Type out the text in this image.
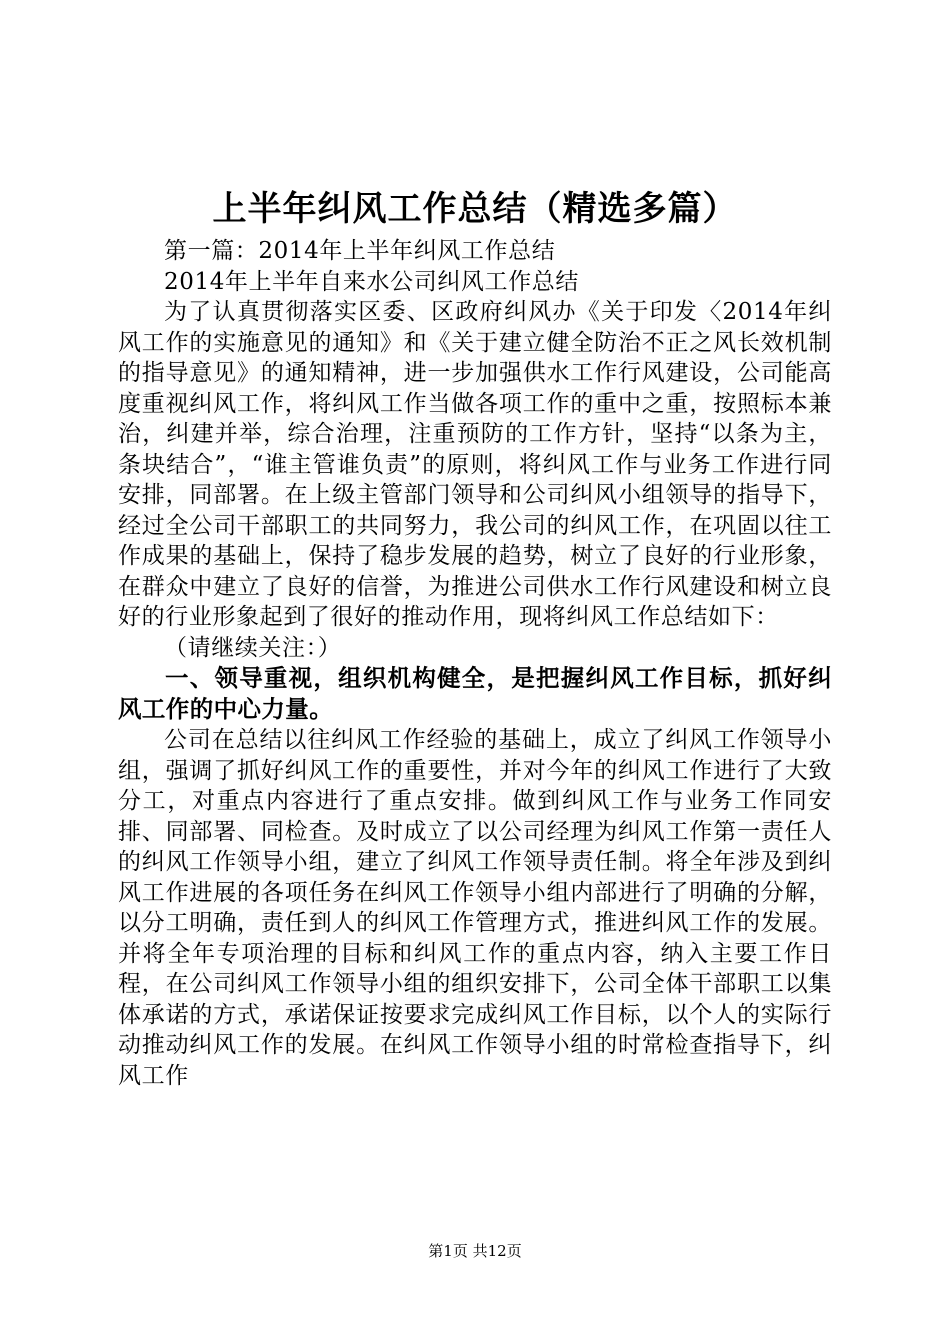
上半年纠风工作总结（精选多篇）

第一篇：2014年上半年纠风工作总结

2014年上半年自来水公司纠风工作总结

为了认真贯彻落实区委、区政府纠风办《关于印发〈2014年纠风工作的实施意见的通知》和《关于建立健全防治不正之风长效机制的指导意见》的通知精神，进一步加强供水工作行风建设，公司能高度重视纠风工作，将纠风工作当做各项工作的重中之重，按照标本兼治，纠建并举，综合治理，注重预防的工作方针，坚持“以条为主，条块结合”，“谁主管谁负责”的原则，将纠风工作与业务工作进行同安排，同部署。在上级主管部门领导和公司纠风小组领导的指导下，经过全公司干部职工的共同努力，我公司的纠风工作，在巩固以往工作成果的基础上，保持了稳步发展的趋势，树立了良好的行业形象，在群众中建立了良好的信誉，为推进公司供水工作行风建设和树立良好的行业形象起到了很好的推动作用，现将纠风工作总结如下：

（请继续关注：）

一、领导重视，组织机构健全，是把握纠风工作目标，抓好纠风工作的中心力量。

公司在总结以往纠风工作经验的基础上，成立了纠风工作领导小组，强调了抓好纠风工作的重要性，并对今年的纠风工作进行了大致分工，对重点内容进行了重点安排。做到纠风工作与业务工作同安排、同部署、同检查。及时成立了以公司经理为纠风工作第一责任人的纠风工作领导小组，建立了纠风工作领导责任制。将全年涉及到纠风工作进展的各项任务在纠风工作领导小组内部进行了明确的分解，以分工明确，责任到人的纠风工作管理方式，推进纠风工作的发展。并将全年专项治理的目标和纠风工作的重点内容，纳入主要工作日程，在公司纠风工作领导小组的组织安排下，公司全体干部职工以集体承诺的方式，承诺保证按要求完成纠风工作目标，以个人的实际行动推动纠风工作的发展。在纠风工作领导小组的时常检查指导下，纠风工作

第1页 共12页
